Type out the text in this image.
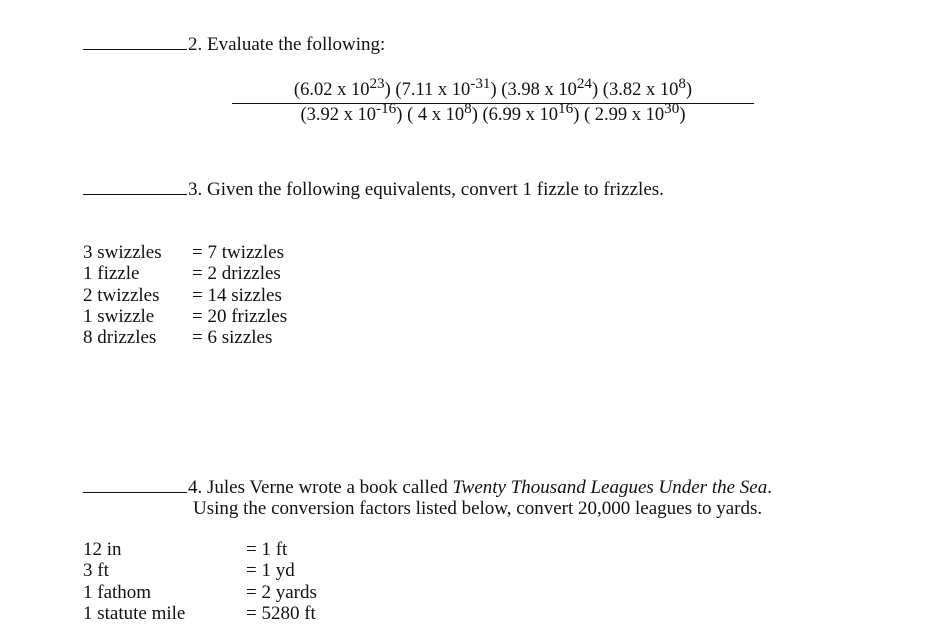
2. Evaluate the following:
(6.02 x $10^{23}$) (7.11 x $10^{-31}$) (3.98 x $10^{24}$) (3.82 x $10^8$)
(3.92 x $10^{-16}$) ( 4 x $10^8$) (6.99 x $10^{16}$) ( 2.99 x $10^{30}$)
3. Given the following equivalents, convert 1 fizzle to frizzles.
3 swizzles = 7 twizzles
1 fizzle	= 2 drizzles
2 twizzles = 14 sizzles
1 swizzle = 20 frizzles
8 drizzles = 6 sizzles
4. Jules Verne wrote a book called Twenty Thousand Leagues Under the Sea.
Using the conversion factors listed below, convert 20,000 leagues to yards.
12 in	= 1 ft
3 ft	= 1 yd
1 fathom	= 2 yards
1 statute mile	= 5280 ft
